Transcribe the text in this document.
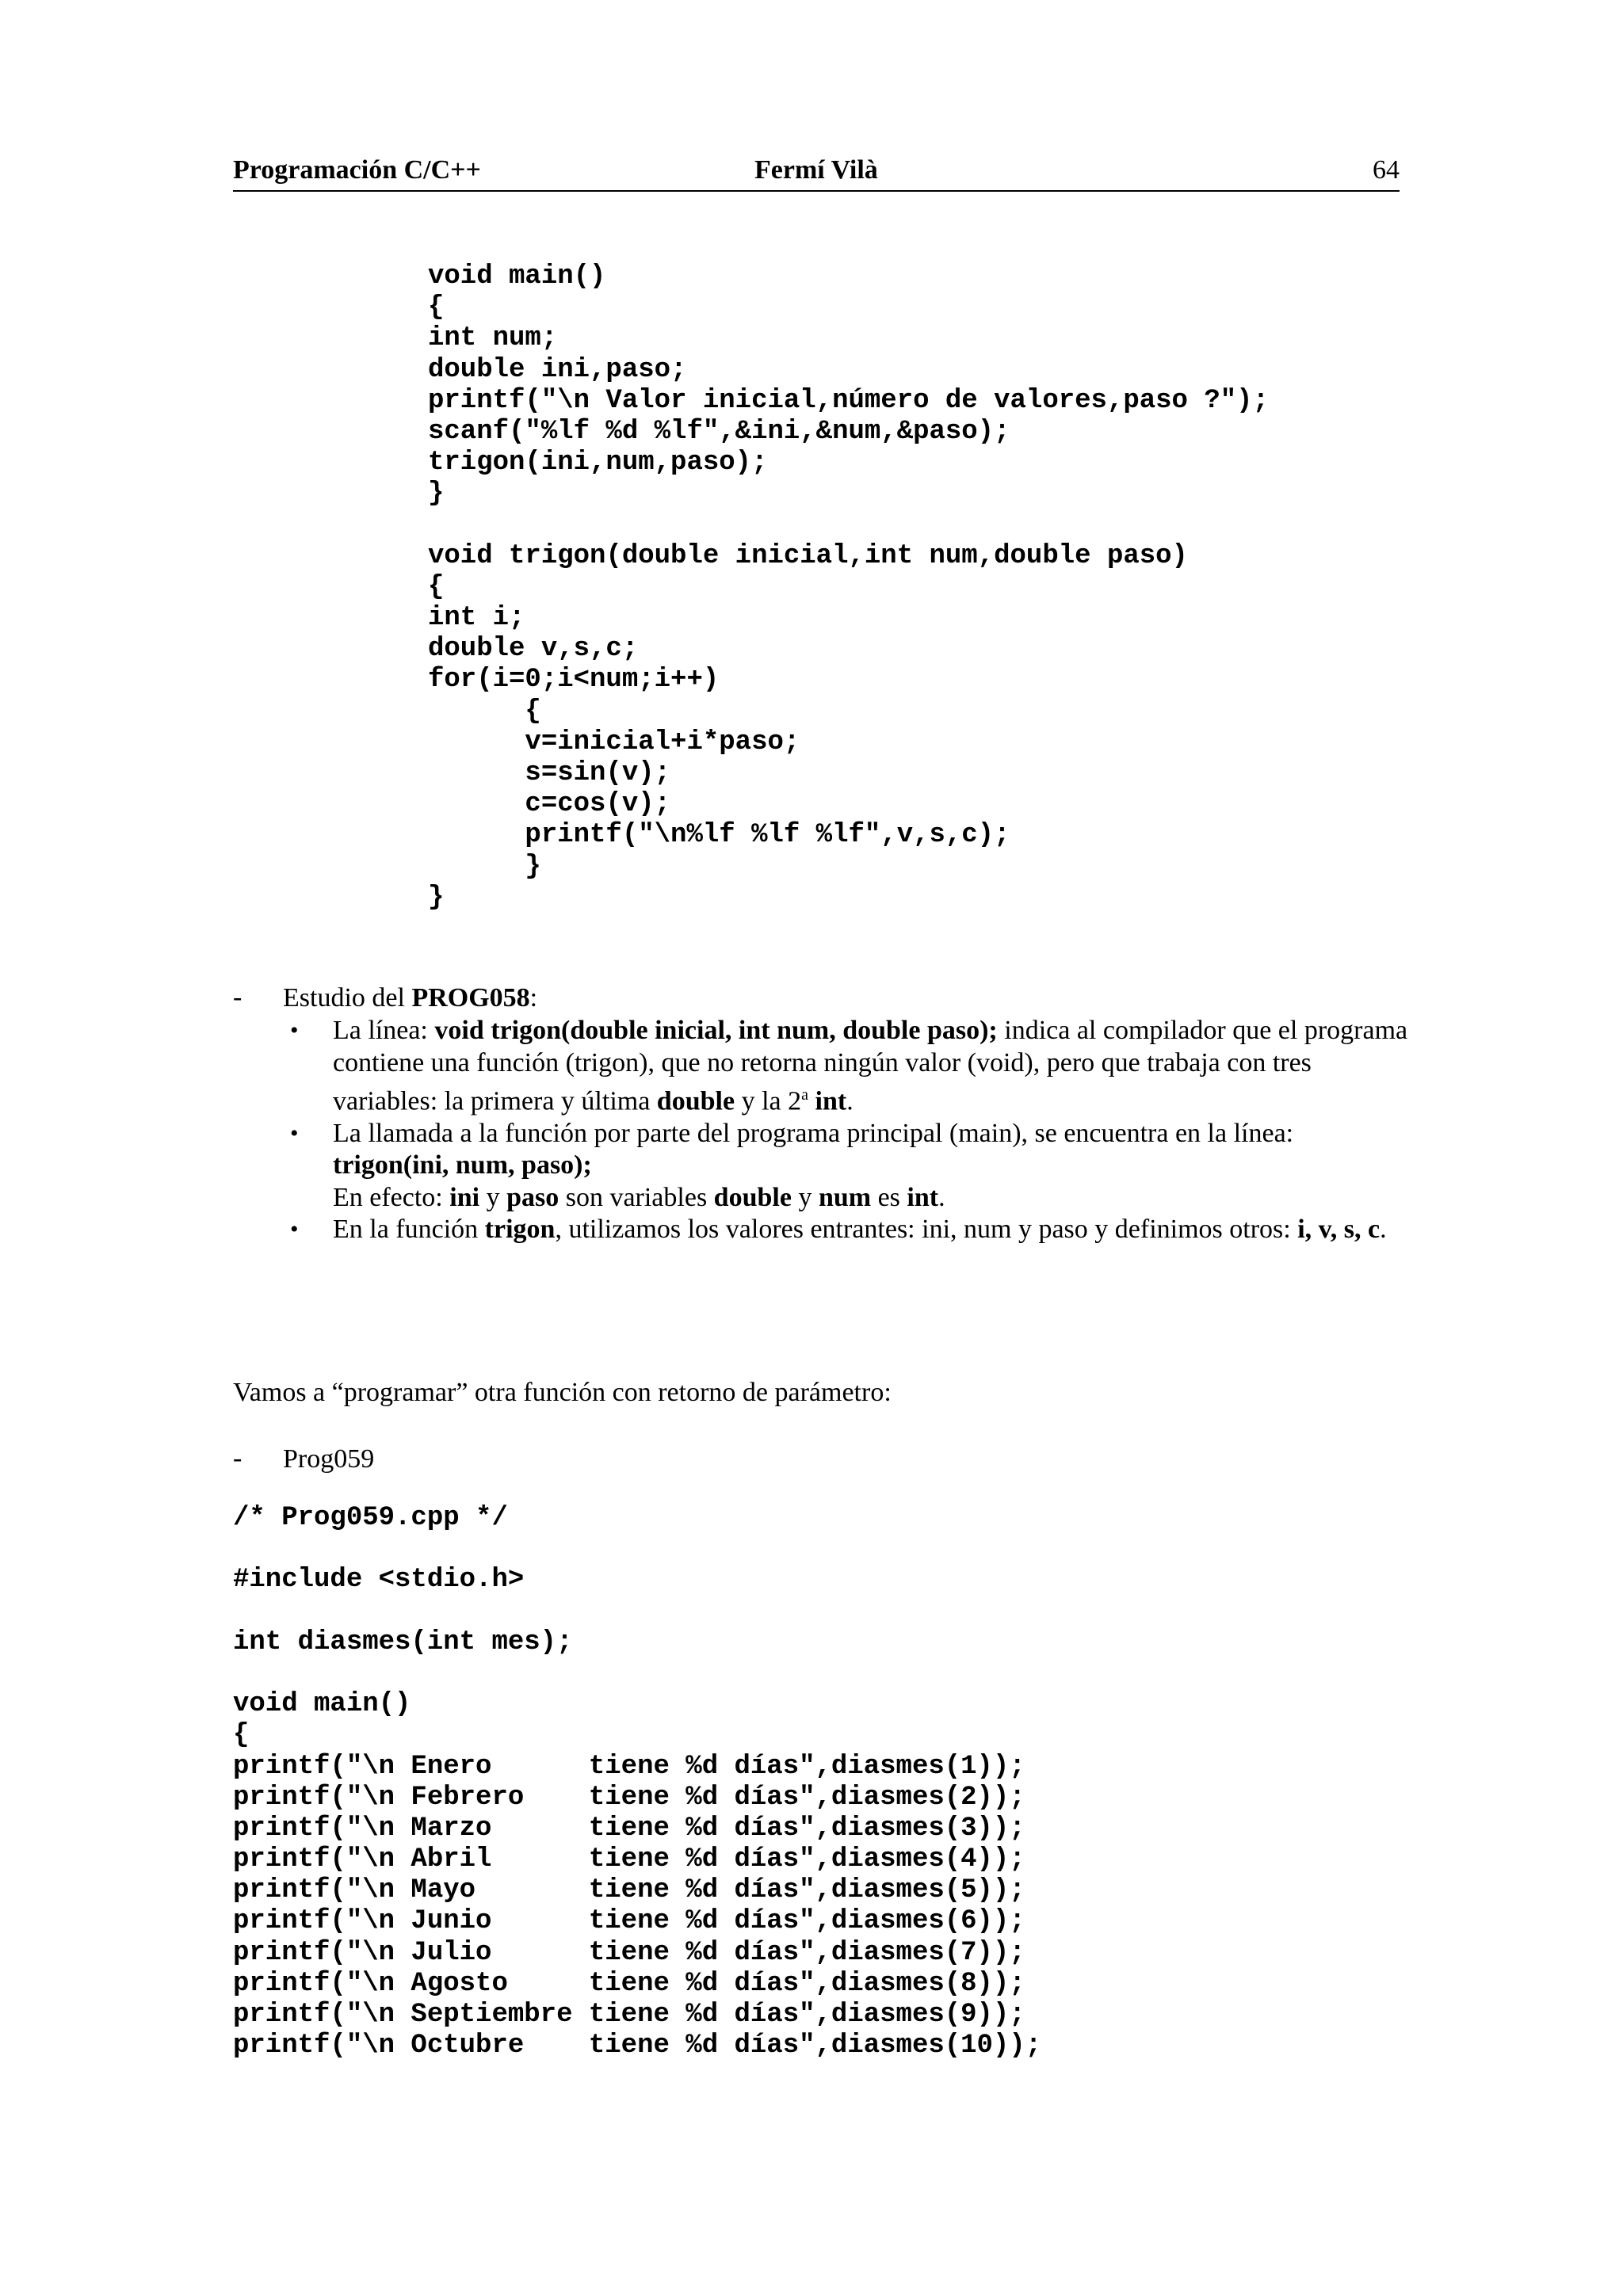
Programación C/C++	Fermí Vilà	64
void main()
{
int num;
double ini,paso;
printf("\n Valor inicial,número de valores,paso ?");
scanf("%lf %d %lf",&ini,&num,&paso);
trigon(ini,num,paso);
}
void trigon(double inicial,int num,double paso)
{
int i;
double v,s,c;
for(i=0;i<num;i++)
{
v=inicial+i*paso;
s=sin(v);
c=cos(v);
printf("\n%lf %lf %lf",v,s,c);
}
}
- Estudio del PROG058:
• La línea: void trigon(double inicial, int num, double paso); indica al compilador que el programa contiene una función (trigon), que no retorna ningún valor (void), pero que trabaja con tres variables: la primera y última double y la 2$^a$ int.
• La llamada a la función por parte del programa principal (main), se encuentra en la línea:
trigon(ini, num, paso);
En efecto: ini y paso son variables double y num es int.
• En la función trigon, utilizamos los valores entrantes: ini, num y paso y definimos otros: i, v, s, c.
Vamos a “programar” otra función con retorno de parámetro:
- Prog059
/* Prog059.cpp */
#include <stdio.h>
int diasmes(int mes);
void main()
{
printf("\n Enero      tiene %d días",diasmes(1));
printf("\n Febrero    tiene %d días",diasmes(2));
printf("\n Marzo      tiene %d días",diasmes(3));
printf("\n Abril      tiene %d días",diasmes(4));
printf("\n Mayo       tiene %d días",diasmes(5));
printf("\n Junio      tiene %d días",diasmes(6));
printf("\n Julio      tiene %d días",diasmes(7));
printf("\n Agosto     tiene %d días",diasmes(8));
printf("\n Septiembre tiene %d días",diasmes(9));
printf("\n Octubre    tiene %d días",diasmes(10));
